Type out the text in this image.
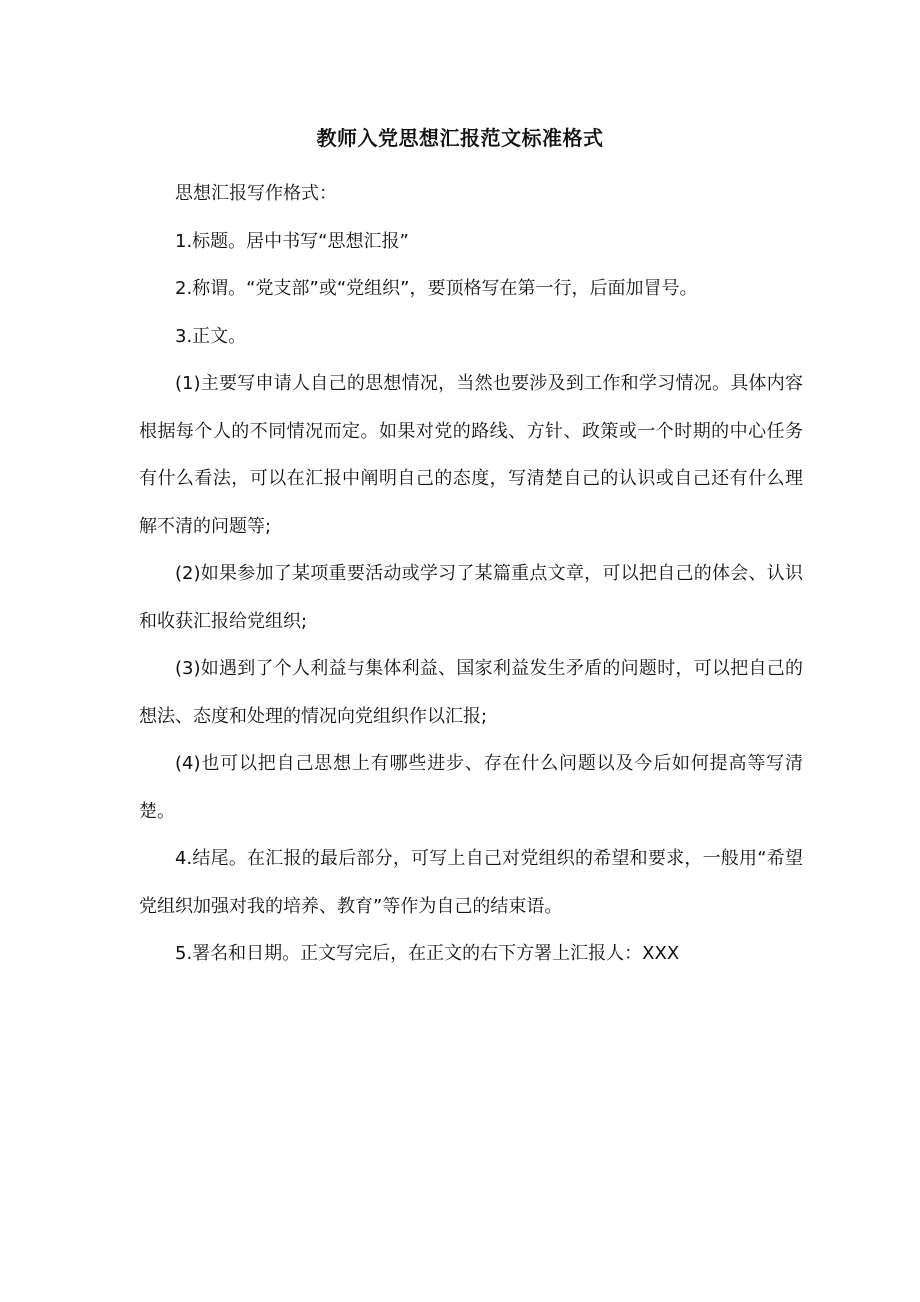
教师入党思想汇报范文标准格式

思想汇报写作格式：

1.标题。居中书写“思想汇报”

2.称谓。“党支部”或“党组织”，要顶格写在第一行，后面加冒号。

3.正文。

(1)主要写申请人自己的思想情况，当然也要涉及到工作和学习情况。具体内容根据每个人的不同情况而定。如果对党的路线、方针、政策或一个时期的中心任务有什么看法，可以在汇报中阐明自己的态度，写清楚自己的认识或自己还有什么理解不清的问题等;

(2)如果参加了某项重要活动或学习了某篇重点文章，可以把自己的体会、认识和收获汇报给党组织;

(3)如遇到了个人利益与集体利益、国家利益发生矛盾的问题时，可以把自己的想法、态度和处理的情况向党组织作以汇报;

(4)也可以把自己思想上有哪些进步、存在什么问题以及今后如何提高等写清楚。

4.结尾。在汇报的最后部分，可写上自己对党组织的希望和要求，一般用“希望党组织加强对我的培养、教育”等作为自己的结束语。

5.署名和日期。正文写完后，在正文的右下方署上汇报人：XXX
